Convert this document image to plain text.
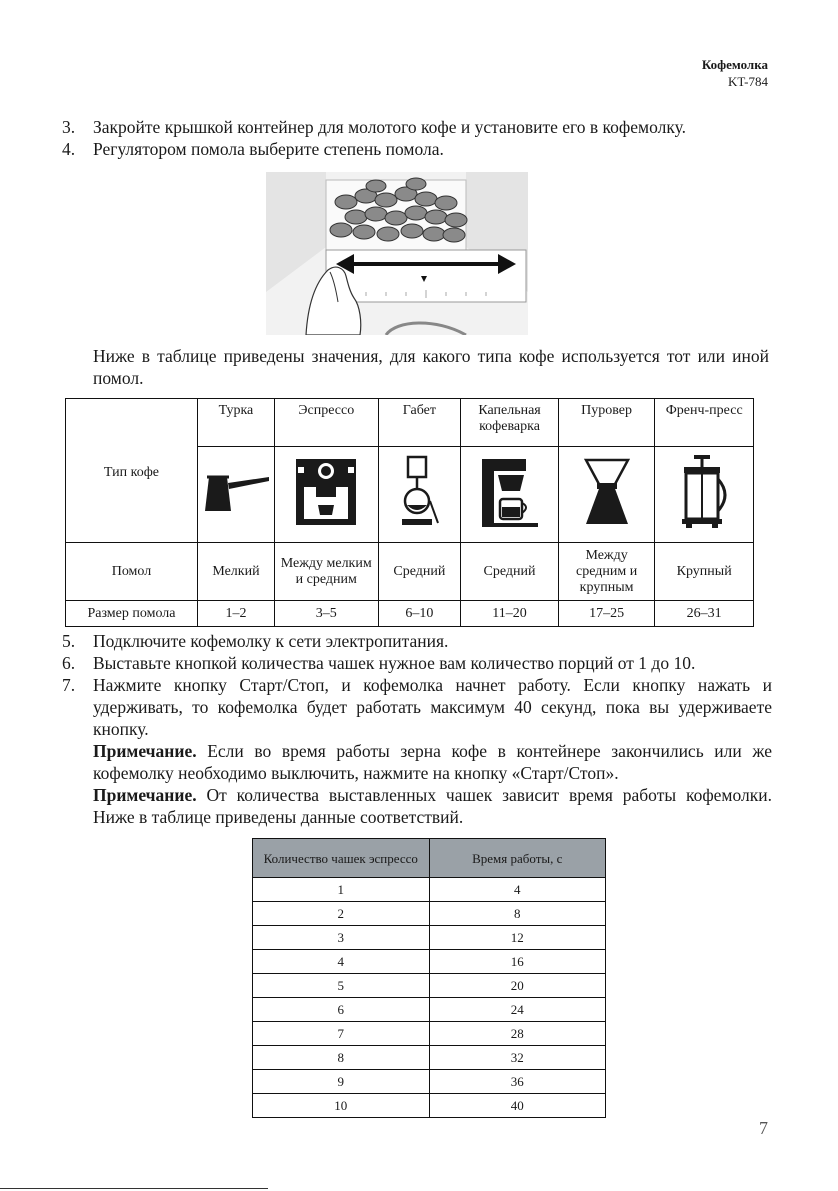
Кофемолка
KT-784
3.	Закройте крышкой контейнер для молотого кофе и установите его в кофемолку.
4.	Регулятором помола выберите степень помола.
Ниже в таблице приведены значения, для какого типа кофе используется тот или иной помол.
Тип кофе	Турка	Эспрессо	Габет	Капельная кофеварка	Пуровер	Френч-пресс

Помол	Мелкий	Между мелким и средним	Средний	Средний	Между средним и крупным	Крупный
Размер помола	1–2	3–5	6–10	11–20	17–25	26–31
5.	Подключите кофемолку к сети электропитания.
6.	Выставьте кнопкой количества чашек нужное вам количество порций от 1 до 10.
7.	Нажмите кнопку Старт/Стоп, и кофемолка начнет работу. Если кнопку нажать и удерживать, то кофемолка будет работать максимум 40 секунд, пока вы удерживаете кнопку.
Примечание. Если во время работы зерна кофе в контейнере закончились или же кофемолку необходимо выключить, нажмите на кнопку «Старт/Стоп».
Примечание. От количества выставленных чашек зависит время работы кофемолки. Ниже в таблице приведены данные соответствий.
Количество чашек эспрессо	Время работы, с
1	4
2	8
3	12
4	16
5	20
6	24
7	28
8	32
9	36
10	40
7
